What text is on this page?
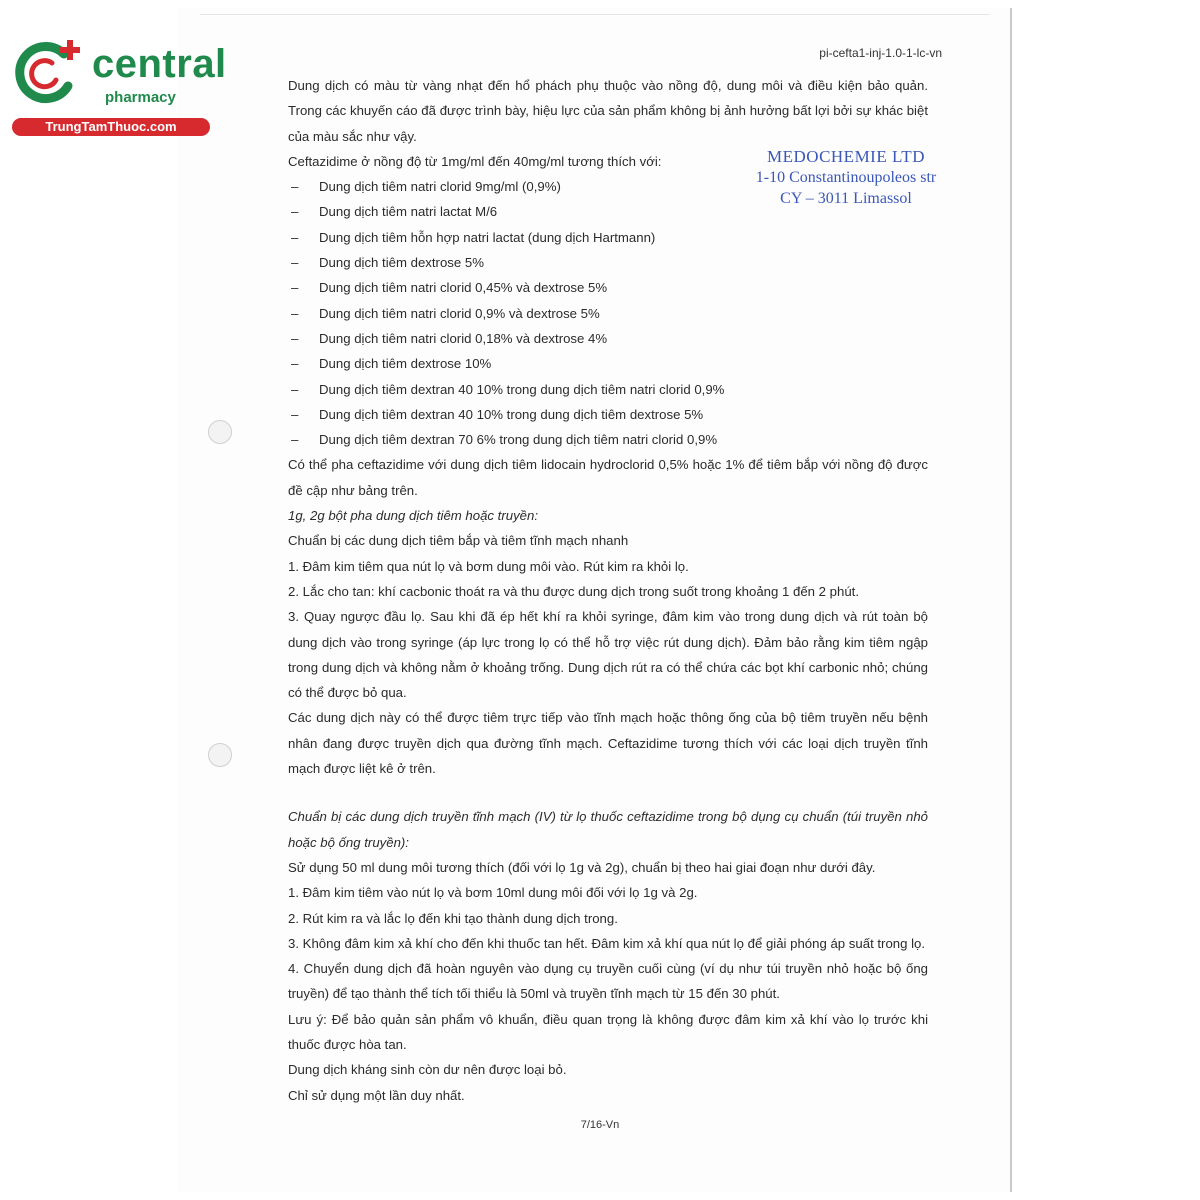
central
pharmacy
TrungTamThuoc.com
pi-cefta1-inj-1.0-1-lc-vn
MEDOCHEMIE LTD
1-10 Constantinoupoleos str
CY – 3011 Limassol

Dung dịch có màu từ vàng nhạt đến hổ phách phụ thuộc vào nồng độ, dung môi và điều kiện bảo quản. Trong các khuyến cáo đã được trình bày, hiệu lực của sản phẩm không bị ảnh hưởng bất lợi bởi sự khác biệt của màu sắc như vậy.

Ceftazidime ở nồng độ từ 1mg/ml đến 40mg/ml tương thích với:

– Dung dịch tiêm natri clorid 9mg/ml (0,9%)
– Dung dịch tiêm natri lactat M/6
– Dung dịch tiêm hỗn hợp natri lactat (dung dịch Hartmann)
– Dung dịch tiêm dextrose 5%
– Dung dịch tiêm natri clorid 0,45% và dextrose 5%
– Dung dịch tiêm natri clorid 0,9% và dextrose 5%
– Dung dịch tiêm natri clorid 0,18% và dextrose 4%
– Dung dịch tiêm dextrose 10%
– Dung dịch tiêm dextran 40 10% trong dung dịch tiêm natri clorid 0,9%
– Dung dịch tiêm dextran 40 10% trong dung dịch tiêm dextrose 5%
– Dung dịch tiêm dextran 70 6% trong dung dịch tiêm natri clorid 0,9%

Có thể pha ceftazidime với dung dịch tiêm lidocain hydroclorid 0,5% hoặc 1% để tiêm bắp với nồng độ được đề cập như bảng trên.

1g, 2g bột pha dung dịch tiêm hoặc truyền:

Chuẩn bị các dung dịch tiêm bắp và tiêm tĩnh mạch nhanh

1. Đâm kim tiêm qua nút lọ và bơm dung môi vào. Rút kim ra khỏi lọ.

2. Lắc cho tan: khí cacbonic thoát ra và thu được dung dịch trong suốt trong khoảng 1 đến 2 phút.

3. Quay ngược đầu lọ. Sau khi đã ép hết khí ra khỏi syringe, đâm kim vào trong dung dịch và rút toàn bộ dung dịch vào trong syringe (áp lực trong lọ có thể hỗ trợ việc rút dung dịch). Đảm bảo rằng kim tiêm ngập trong dung dịch và không nằm ở khoảng trống. Dung dịch rút ra có thể chứa các bọt khí carbonic nhỏ; chúng có thể được bỏ qua.

Các dung dịch này có thể được tiêm trực tiếp vào tĩnh mạch hoặc thông ống của bộ tiêm truyền nếu bệnh nhân đang được truyền dịch qua đường tĩnh mạch. Ceftazidime tương thích với các loại dịch truyền tĩnh mạch được liệt kê ở trên.

Chuẩn bị các dung dịch truyền tĩnh mạch (IV) từ lọ thuốc ceftazidime trong bộ dụng cụ chuẩn (túi truyền nhỏ hoặc bộ ống truyền):

Sử dụng 50 ml dung môi tương thích (đối với lọ 1g và 2g), chuẩn bị theo hai giai đoạn như dưới đây.

1. Đâm kim tiêm vào nút lọ và bơm 10ml dung môi đối với lọ 1g và 2g.

2. Rút kim ra và lắc lọ đến khi tạo thành dung dịch trong.

3. Không đâm kim xả khí cho đến khi thuốc tan hết. Đâm kim xả khí qua nút lọ để giải phóng áp suất trong lọ.

4. Chuyển dung dịch đã hoàn nguyên vào dụng cụ truyền cuối cùng (ví dụ như túi truyền nhỏ hoặc bộ ống truyền) để tạo thành thể tích tối thiểu là 50ml và truyền tĩnh mạch từ 15 đến 30 phút.

Lưu ý: Để bảo quản sản phẩm vô khuẩn, điều quan trọng là không được đâm kim xả khí vào lọ trước khi thuốc được hòa tan.

Dung dịch kháng sinh còn dư nên được loại bỏ.

Chỉ sử dụng một lần duy nhất.

7/16-Vn
